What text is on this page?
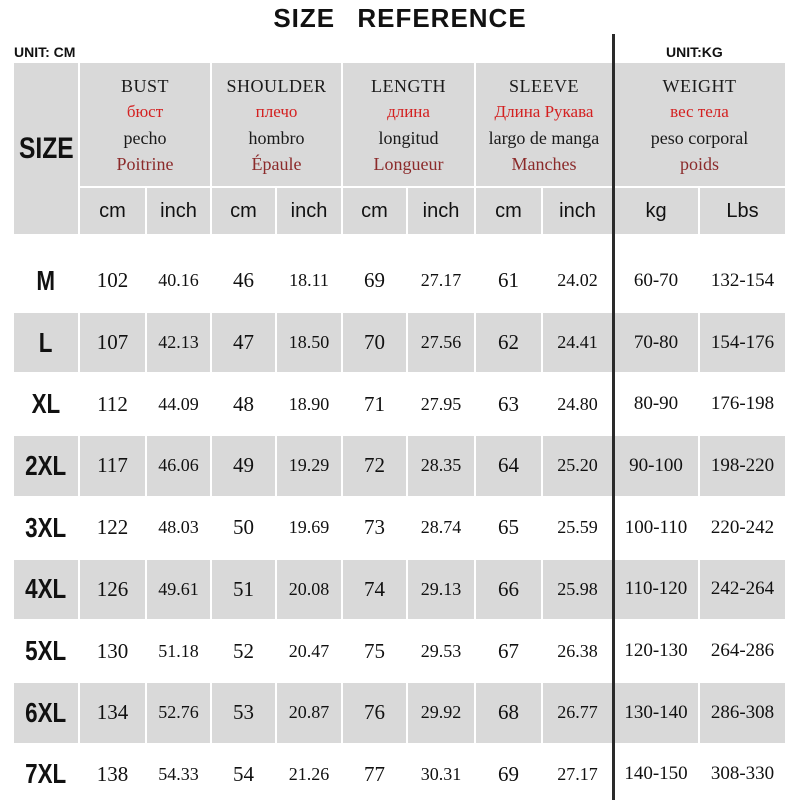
SIZE REFERENCE
UNIT: CM	UNIT:KG
SIZE
BUST
бюст
pecho
Poitrine
SHOULDER
плечо
hombro
Épaule
LENGTH
длина
longitud
Longueur
SLEEVE
Длина Рукава
largo de manga
Manches
WEIGHT
вес тела
peso corporal
poids
cm inch cm inch cm inch cm inch kg	Lbs
M 102 40.16 46 18.11 69 27.17 61 24.02 60-70 132-154
L 107 42.13 47 18.50 70 27.56 62 24.41 70-80 154-176
XL 112 44.09 48 18.90 71 27.95 63 24.80 80-90 176-198
2XL 117 46.06 49 19.29 72 28.35 64 25.20 90-100 198-220
3XL 122 48.03 50 19.69 73 28.74 65 25.59 100-110 220-242
4XL 126 49.61 51 20.08 74 29.13 66 25.98 110-120 242-264
5XL 130 51.18 52 20.47 75 29.53 67 26.38 120-130 264-286
6XL 134 52.76 53 20.87 76 29.92 68 26.77 130-140 286-308
7XL 138 54.33 54 21.26 77 30.31 69 27.17 140-150 308-330
